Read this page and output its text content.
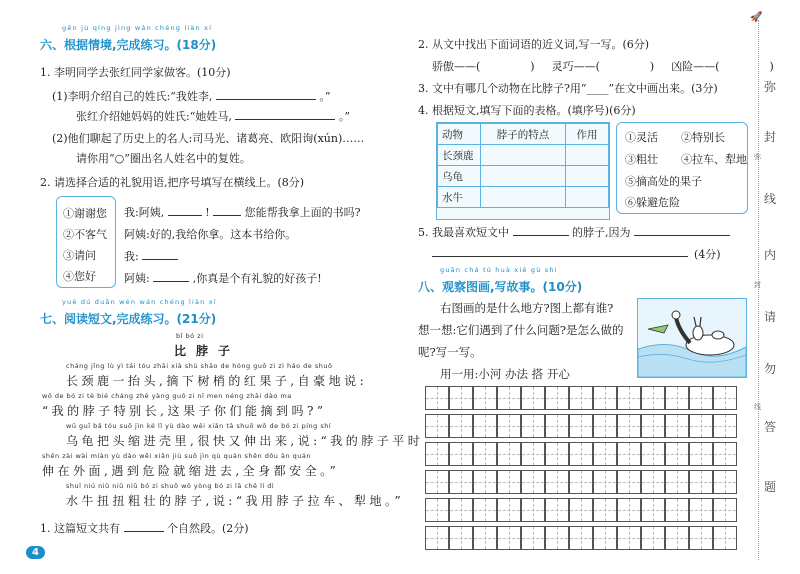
gēn jù qíng jìng wán chéng liàn xí
六、根据情境,完成练习。(18分)
1. 李明同学去张红同学家做客。(10分)
(1)李明介绍自己的姓氏:“我姓李,	。”
张红介绍她妈妈的姓氏:“她姓马,	。”
(2)他们聊起了历史上的名人:司马光、诸葛亮、欧阳询(xún)……
请你用“○”圈出名人姓名中的复姓。
2. 请选择合适的礼貌用语,把序号填写在横线上。(8分)
①谢谢您
②不客气
③请问
④您好
我:阿姨,	!	您能帮我拿上面的书吗?
阿姨:好的,我给你拿。这本书给你。
我:
阿姨:	,你真是个有礼貌的好孩子!
yuè dú duǎn wén wán chéng liàn xí
七、阅读短文,完成练习。(21分)
bǐ bó zi
比脖子
cháng jǐng lù yì tái tóu zhāi xià shù shāo de hóng guǒ zi zì háo de shuō
长颈鹿一抬头,摘下树梢的红果子,自豪地说:
wǒ de bó zi tè bié cháng zhè yàng guǒ zi nǐ men néng zhāi dào ma
“我的脖子特别长,这果子你们能摘到吗?”
wū guī bǎ tóu suō jìn ké lǐ yù dào wēi xiǎn tā shuō wǒ de bó zi píng shí
乌龟把头缩进壳里,很快又伸出来,说:“我的脖子平时
shēn zài wài miàn yù dào wēi xiǎn jiù suō jìn qù quán shēn dōu ān quán
伸在外面,遇到危险就缩进去,全身都安全。”
shuǐ niú niǔ niǔ niǔ bó zi shuō wǒ yòng bó zi lā chē lí dì
水牛扭扭粗壮的脖子,说:“我用脖子拉车、犁地。”
1. 这篇短文共有	个自然段。(2分)
4
2. 从文中找出下面词语的近义词,写一写。(6分)
骄傲——(	) 灵巧——(	) 凶险——(	)
3. 文中有哪几个动物在比脖子?用“____”在文中画出来。(3分)
4. 根据短文,填写下面的表格。(填序号)(6分)
动物	脖子的特点	作用
长颈鹿		
乌龟		
水牛		
①灵活 ②特别长
③粗壮 ④拉车、犁地
⑤摘高处的果子
⑥躲避危险
5. 我最喜欢短文中	的脖子,因为
(4分)
guān chá tú huà xiě gù shi
八、观察图画,写故事。(10分)
右图画的是什么地方?图上都有谁?
想一想:它们遇到了什么问题?是怎么做的
呢?写一写。
用一用:小河 办法 搭 开心
🚀
弥
封
线
内
请
勿
答
题
弥
封
线
